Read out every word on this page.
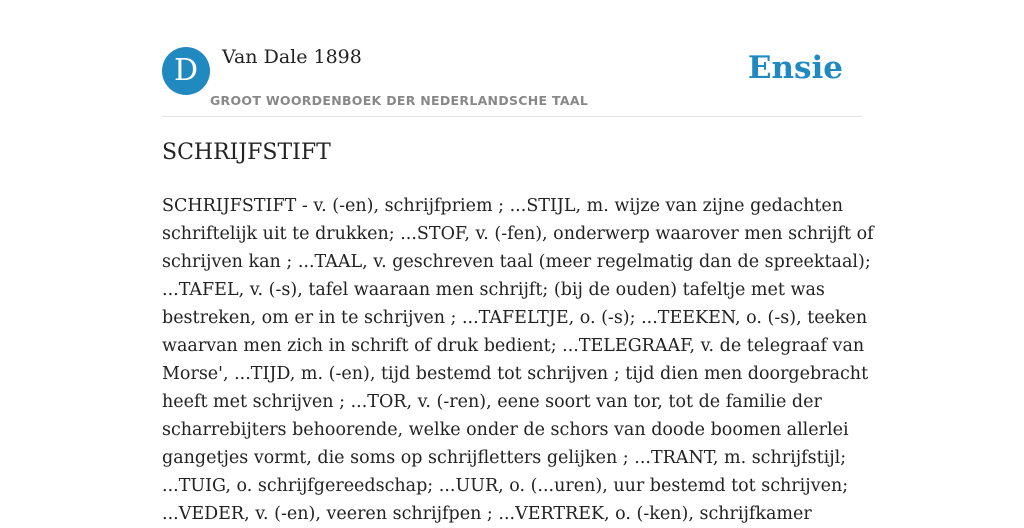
D	Van Dale 1898
GROOT WOORDENBOEK DER NEDERLANDSCHE TAAL
Ensie
SCHRIJFSTIFT

SCHRIJFSTIFT - v. (-en), schrijfpriem ; ...STIJL, m. wijze van zijne gedachten
schriftelijk uit te drukken; ...STOF, v. (-fen), onderwerp waarover men schrijft of
schrijven kan ; ...TAAL, v. geschreven taal (meer regelmatig dan de spreektaal);
...TAFEL, v. (-s), tafel waaraan men schrijft; (bij de ouden) tafeltje met was
bestreken, om er in te schrijven ; ...TAFELTJE, o. (-s); ...TEEKEN, o. (-s), teeken
waarvan men zich in schrift of druk bedient; ...TELEGRAAF, v. de telegraaf van
Morse', ...TIJD, m. (-en), tijd bestemd tot schrijven ; tijd dien men doorgebracht
heeft met schrijven ; ...TOR, v. (-ren), eene soort van tor, tot de familie der
scharrebijters behoorende, welke onder de schors van doode boomen allerlei
gangetjes vormt, die soms op schrijfletters gelijken ; ...TRANT, m. schrijfstijl;
...TUIG, o. schrijfgereedschap; ...UUR, o. (...uren), uur bestemd tot schrijven;
...VEDER, v. (-en), veeren schrijfpen ; ...VERTREK, o. (-ken), schrijfkamer
